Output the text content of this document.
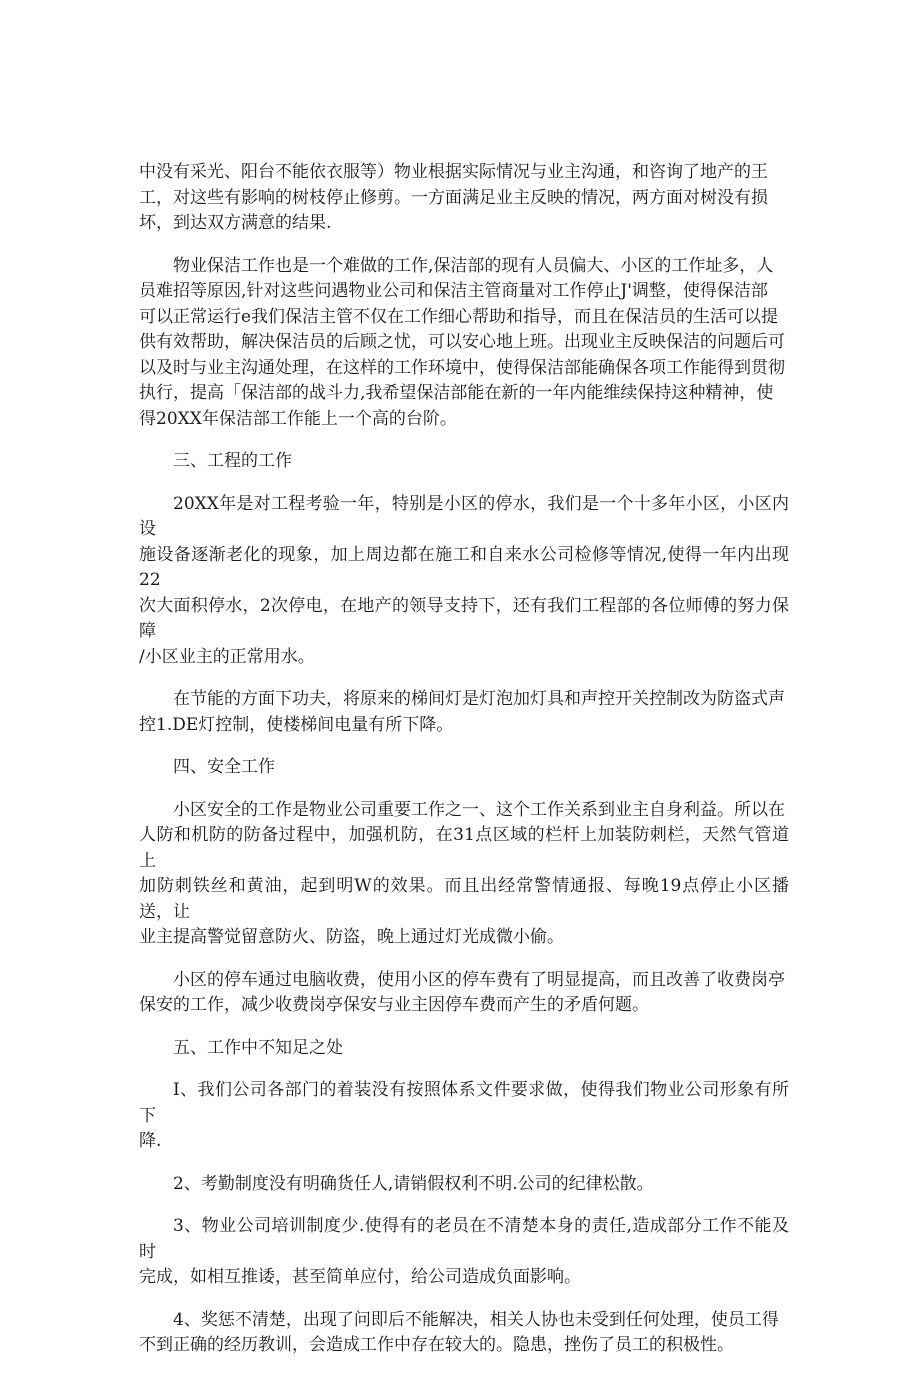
中没有采光、阳台不能依衣服等）物业根据实际情况与业主沟通，和咨询了地产的王
工，对这些有影响的树枝停止修剪。一方面满足业主反映的情况，两方面对树没有损
坏，到达双方满意的结果.

物业保洁工作也是一个难做的工作,保洁部的现有人员偏大、小区的工作址多，人
员难招等原因,针对这些问遇物业公司和保洁主管商量对工作停止J'调整，使得保洁部
可以正常运行e我们保洁主管不仅在工作细心帮助和指导，而且在保洁员的生活可以提
供有效帮助，解决保洁员的后顾之忧，可以安心地上班。出现业主反映保洁的问题后可
以及时与业主沟通处理，在这样的工作环境中，使得保洁部能确保各项工作能得到贯彻
执行，提高「保洁部的战斗力,我希望保洁部能在新的一年内能维续保持这种精神，使
得20XX年保洁部工作能上一个高的台阶。

三、工程的工作

20XX年是对工程考验一年，特别是小区的停水，我们是一个十多年小区，小区内设
施设备逐渐老化的现象，加上周边都在施工和自来水公司检修等情况,使得一年内出现22
次大面积停水，2次停电，在地产的领导支持下，还有我们工程部的各位师傅的努力保障
/小区业主的正常用水。

在节能的方面下功夫，将原来的梯间灯是灯泡加灯具和声控开关控制改为防盗式声
控1.DE灯控制，使楼梯间电量有所下降。

四、安全工作

小区安全的工作是物业公司重要工作之一、这个工作关系到业主自身利益。所以在
人防和机防的防备过程中，加强机防，在31点区域的栏杆上加装防刺栏，天然气管道上
加防刺铁丝和黄油，起到明W的效果。而且出经常警情通报、每晚19点停止小区播送，让
业主提高警觉留意防火、防盗，晚上通过灯光成微小偷。

小区的停车通过电脑收费，使用小区的停车费有了明显提高，而且改善了收费岗亭
保安的工作，减少收费岗亭保安与业主因停车费而产生的矛盾何题。

五、工作中不知足之处

I、我们公司各部门的着装没有按照体系文件要求做，使得我们物业公司形象有所下
降.

2、考勤制度没有明确货任人,请销假权利不明.公司的纪律松散。

3、物业公司培训制度少.使得有的老员在不清楚本身的责任,造成部分工作不能及时
完成，如相互推诿，甚至简单应付，给公司造成负面影响。

4、奖惩不清楚，出现了问即后不能解决，相关人协也未受到任何处理，使员工得
不到正确的经历教训，会造成工作中存在较大的。隐患，挫伤了员工的积极性。
